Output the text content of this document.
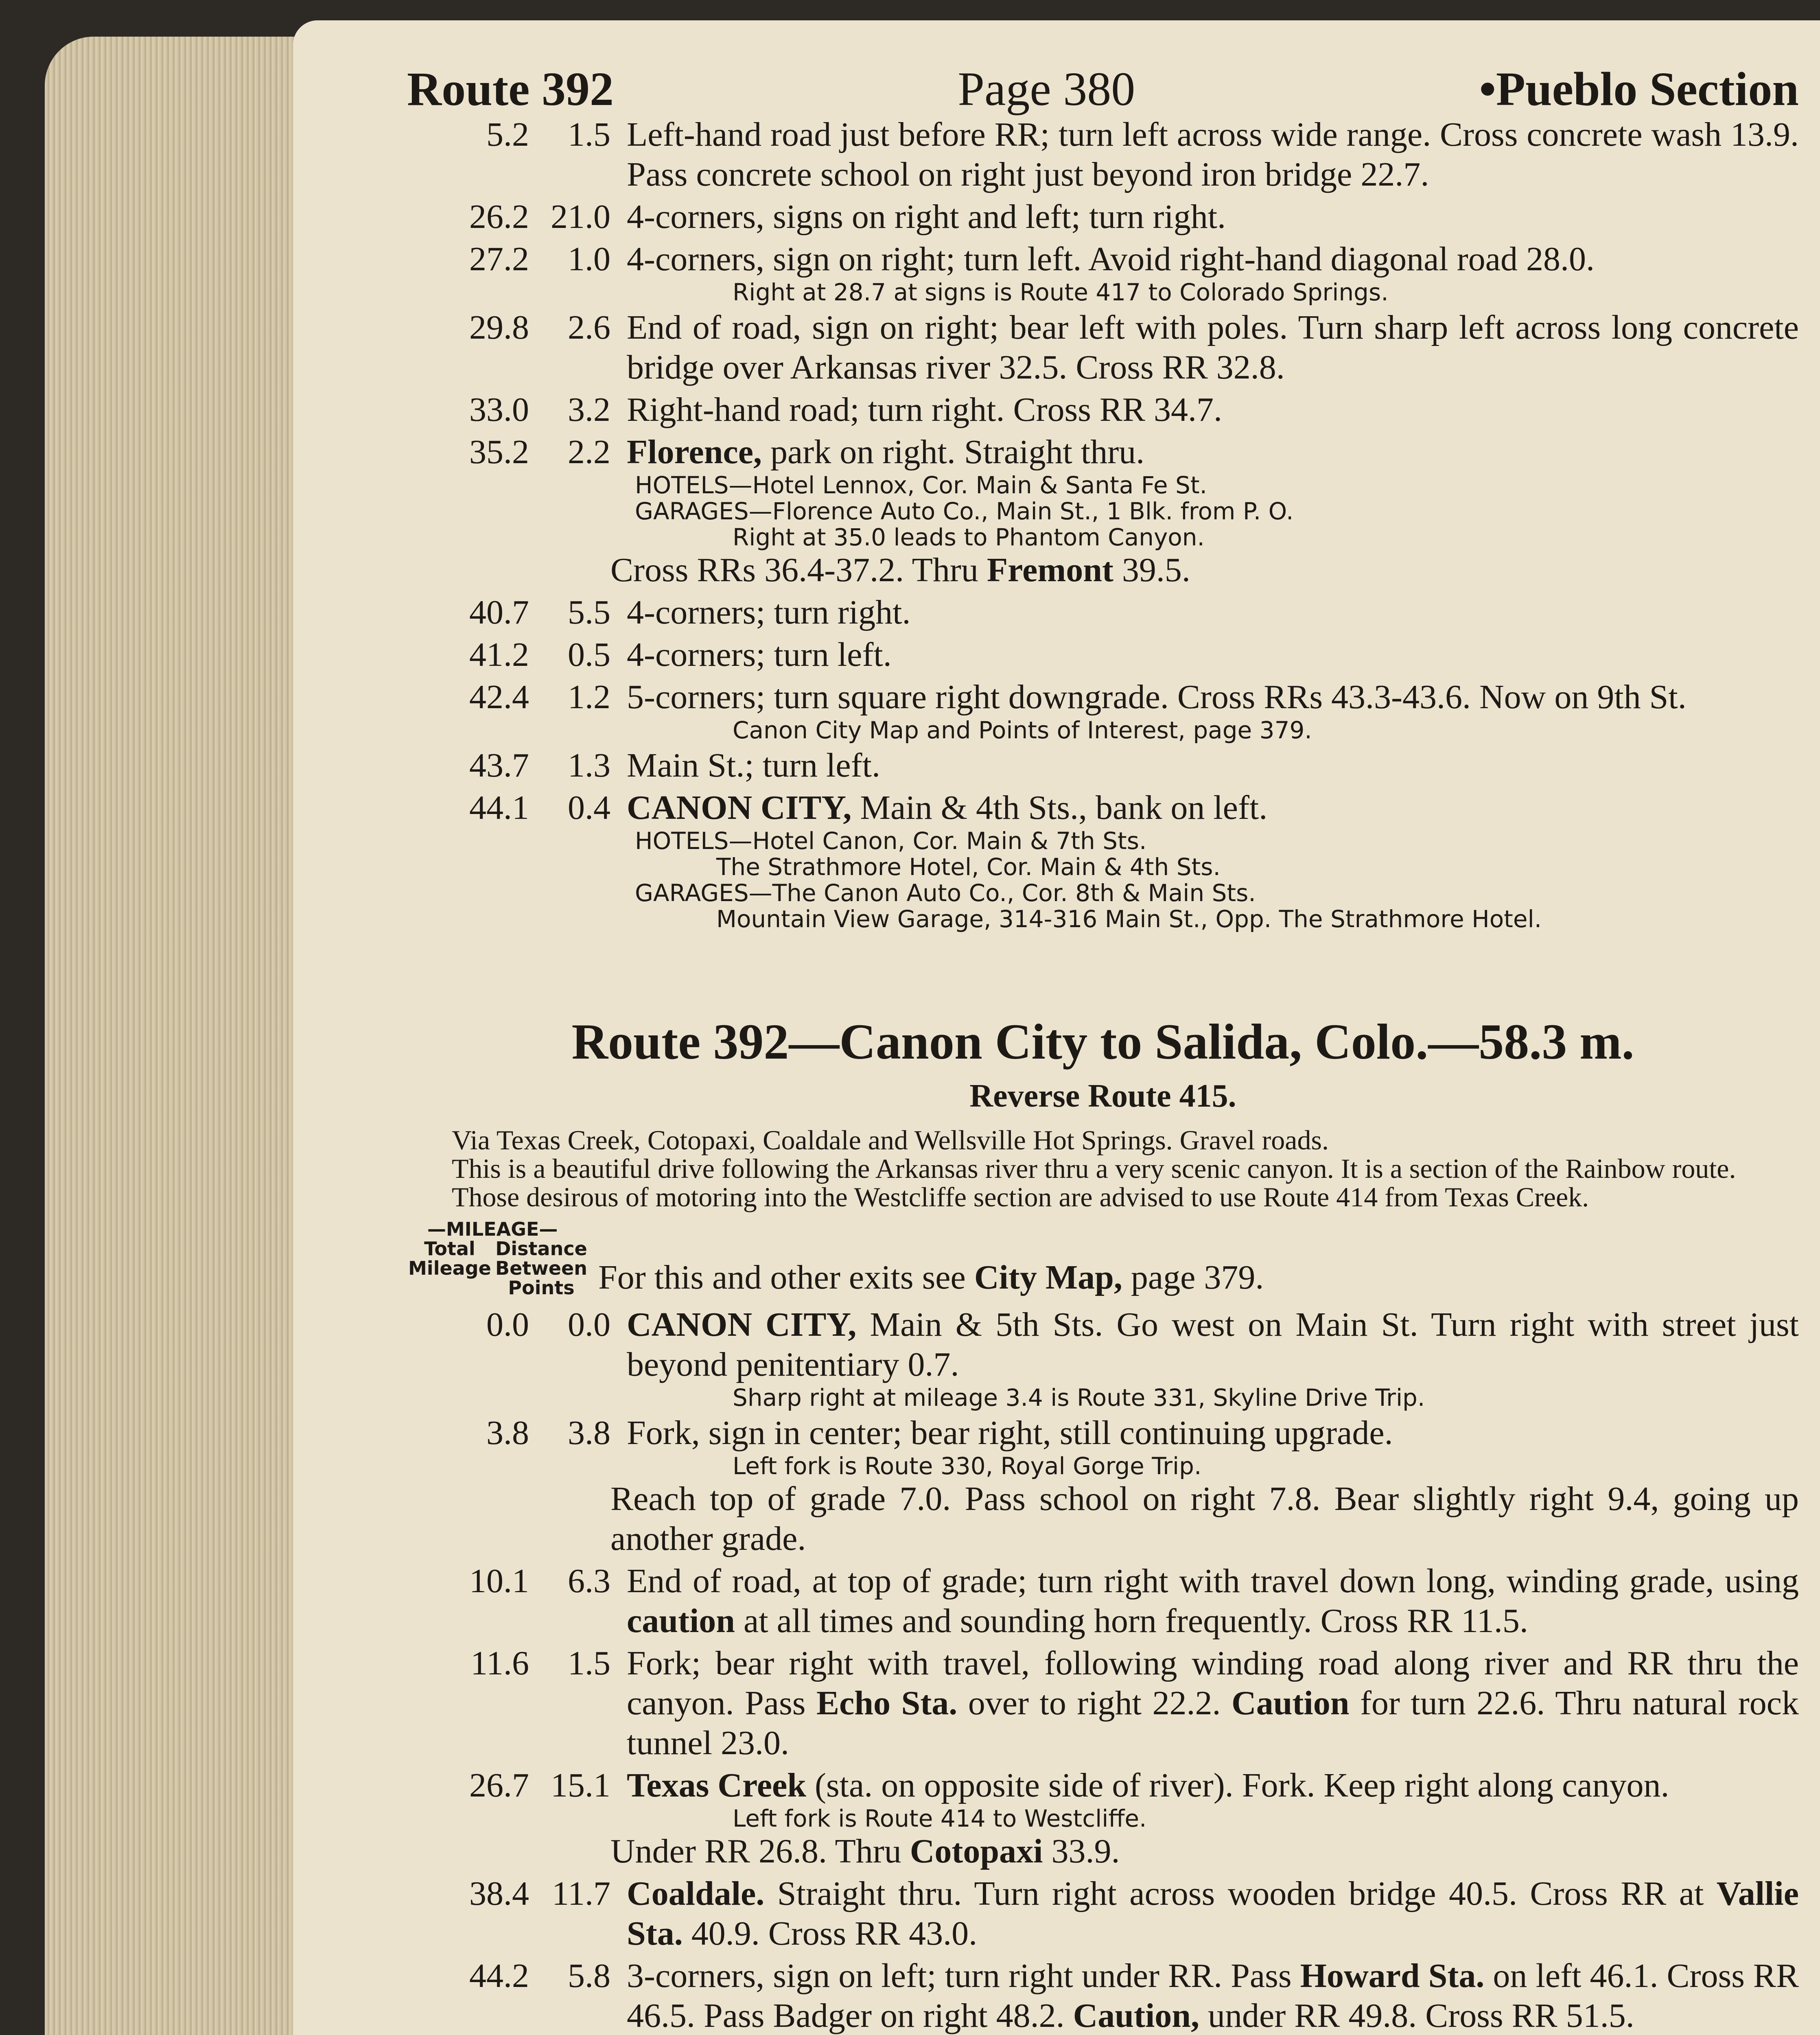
Route 392	Page 380	•Pueblo Section
5.2	1.5 Left-hand road just before RR; turn left across wide range. Cross concrete wash 13.9. Pass concrete school on right just beyond iron bridge 22.7.
26.2 21.0 4-corners, signs on right and left; turn right.
27.2	1.0 4-corners, sign on right; turn left. Avoid right-hand diagonal road 28.0.
Right at 28.7 at signs is Route 417 to Colorado Springs.
29.8	2.6 End of road, sign on right; bear left with poles. Turn sharp left across long concrete bridge over Arkansas river 32.5. Cross RR 32.8.
33.0	3.2 Right-hand road; turn right. Cross RR 34.7.
35.2	2.2 Florence, park on right. Straight thru.
HOTELS—Hotel Lennox, Cor. Main & Santa Fe St.
GARAGES—Florence Auto Co., Main St., 1 Blk. from P. O.
Right at 35.0 leads to Phantom Canyon.
Cross RRs 36.4-37.2. Thru Fremont 39.5.
40.7	5.5 4-corners; turn right.
41.2	0.5 4-corners; turn left.
42.4	1.2 5-corners; turn square right downgrade. Cross RRs 43.3-43.6. Now on 9th St.
Canon City Map and Points of Interest, page 379.
43.7	1.3 Main St.; turn left.
44.1	0.4 CANON CITY, Main & 4th Sts., bank on left.
HOTELS—Hotel Canon, Cor. Main & 7th Sts.
The Strathmore Hotel, Cor. Main & 4th Sts.
GARAGES—The Canon Auto Co., Cor. 8th & Main Sts.
Mountain View Garage, 314-316 Main St., Opp. The Strathmore Hotel.
Route 392—Canon City to Salida, Colo.—58.3 m.
Reverse Route 415.
Via Texas Creek, Cotopaxi, Coaldale and Wellsville Hot Springs. Gravel roads.
This is a beautiful drive following the Arkansas river thru a very scenic canyon. It is a section of the Rainbow route.
Those desirous of motoring into the Westcliffe section are advised to use Route 414 from Texas Creek.
—MILEAGE—
Total Mileage
Distance Between Points For this and other exits see City Map, page 379.
0.0	0.0 CANON CITY, Main & 5th Sts. Go west on Main St. Turn right with street just beyond penitentiary 0.7.
Sharp right at mileage 3.4 is Route 331, Skyline Drive Trip.
3.8	3.8 Fork, sign in center; bear right, still continuing upgrade.
Left fork is Route 330, Royal Gorge Trip.
Reach top of grade 7.0. Pass school on right 7.8. Bear slightly right 9.4, going up another grade.
10.1	6.3 End of road, at top of grade; turn right with travel down long, winding grade, using caution at all times and sounding horn frequently. Cross RR 11.5.
11.6	1.5 Fork; bear right with travel, following winding road along river and RR thru the canyon. Pass Echo Sta. over to right 22.2. Caution for turn 22.6. Thru natural rock tunnel 23.0.
26.7 15.1 Texas Creek (sta. on opposite side of river). Fork. Keep right along canyon.
Left fork is Route 414 to Westcliffe.
Under RR 26.8. Thru Cotopaxi 33.9.
38.4 11.7 Coaldale. Straight thru. Turn right across wooden bridge 40.5. Cross RR at Vallie Sta. 40.9. Cross RR 43.0.
44.2	5.8 3-corners, sign on left; turn right under RR. Pass Howard Sta. on left 46.1. Cross RR 46.5. Pass Badger on right 48.2. Caution, under RR 49.8. Cross RR 51.5.
